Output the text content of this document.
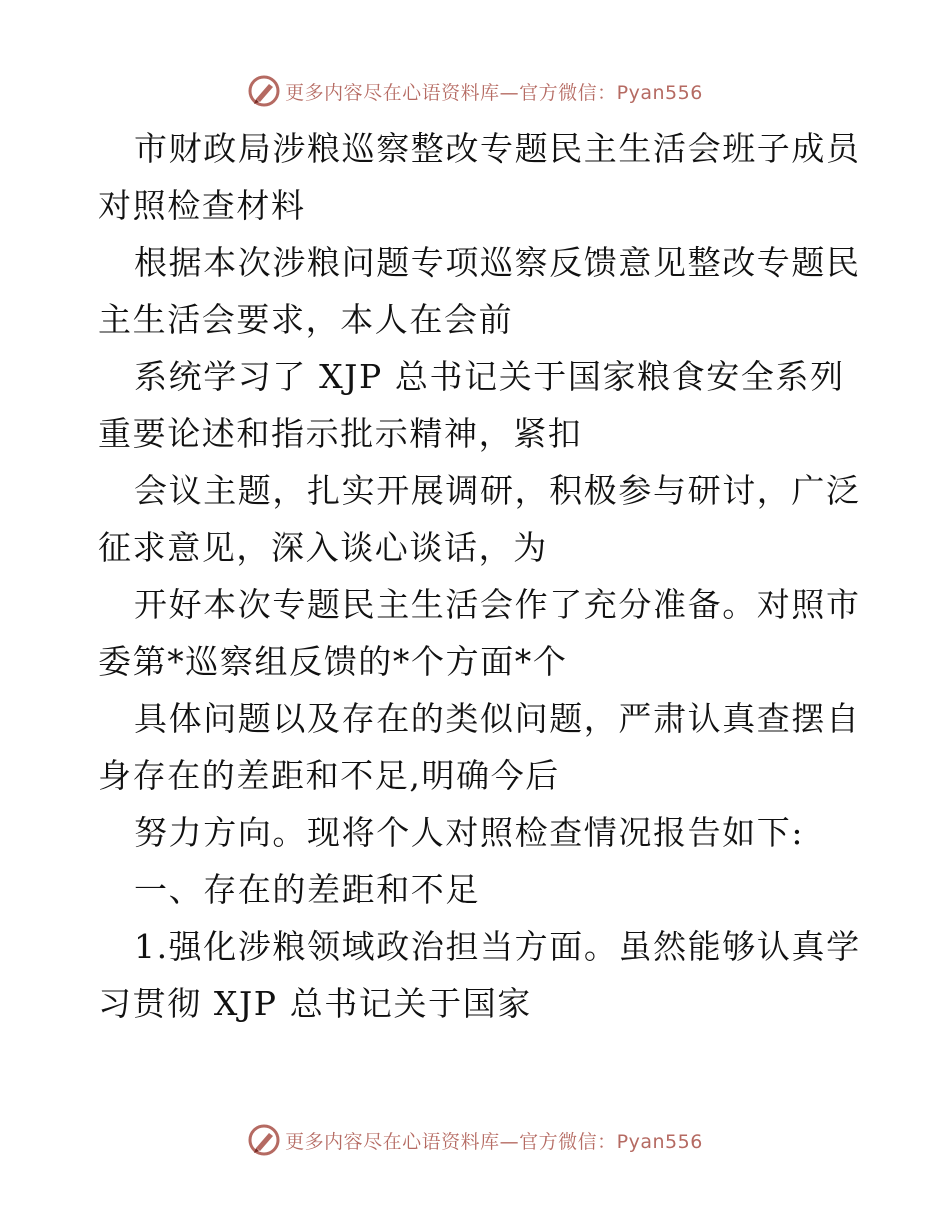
更多内容尽在心语资料库—官方微信：Pyan556
市财政局涉粮巡察整改专题民主生活会班子成员
对照检查材料
根据本次涉粮问题专项巡察反馈意见整改专题民
主生活会要求，本人在会前
系统学习了 XJP 总书记关于国家粮食安全系列
重要论述和指示批示精神，紧扣
会议主题，扎实开展调研，积极参与研讨，广泛
征求意见，深入谈心谈话，为
开好本次专题民主生活会作了充分准备。对照市
委第*巡察组反馈的*个方面*个
具体问题以及存在的类似问题，严肃认真查摆自
身存在的差距和不足,明确今后
努力方向。现将个人对照检查情况报告如下:
一、存在的差距和不足
1.强化涉粮领域政治担当方面。虽然能够认真学
习贯彻 XJP 总书记关于国家
更多内容尽在心语资料库—官方微信：Pyan556
